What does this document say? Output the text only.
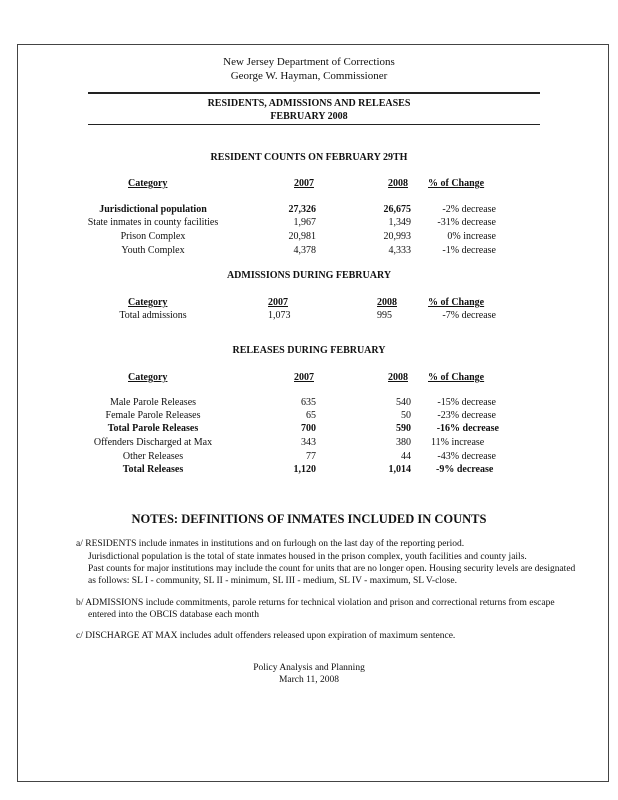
New Jersey Department of Corrections
George W. Hayman, Commissioner
RESIDENTS, ADMISSIONS AND RELEASES
FEBRUARY 2008
RESIDENT COUNTS ON FEBRUARY 29TH
Category	2007	2008 % of Change
Jurisdictional population	27,326	26,675	-2% decrease
State inmates in county facilities	1,967	1,349	-31% decrease
Prison Complex	20,981	20,993	0% increase
Youth Complex	4,378	4,333	-1% decrease
ADMISSIONS DURING FEBRUARY
Category	2007	2008	% of Change
Total admissions	1,073	995	-7% decrease
RELEASES DURING FEBRUARY
Category	2007	2008 % of Change
Male Parole Releases	635	540	-15% decrease
Female Parole Releases	65	50	-23% decrease
Total Parole Releases	700	590	-16% decrease
Offenders Discharged at Max	343	380 11% increase
Other Releases	77	44	-43% decrease
Total Releases	1,120	1,014	-9% decrease
NOTES: DEFINITIONS OF INMATES INCLUDED IN COUNTS
a/ RESIDENTS include inmates in institutions and on furlough on the last day of the reporting period.
Jurisdictional population is the total of state inmates housed in the prison complex, youth facilities and county jails.
Past counts for major institutions may include the count for units that are no longer open. Housing security levels are designated
as follows: SL I - community, SL II - minimum, SL III - medium, SL IV - maximum, SL V-close.
b/ ADMISSIONS include commitments, parole returns for technical violation and prison and correctional returns from escape
entered into the OBCIS database each month
c/ DISCHARGE AT MAX includes adult offenders released upon expiration of maximum sentence.
Policy Analysis and Planning
March 11, 2008
